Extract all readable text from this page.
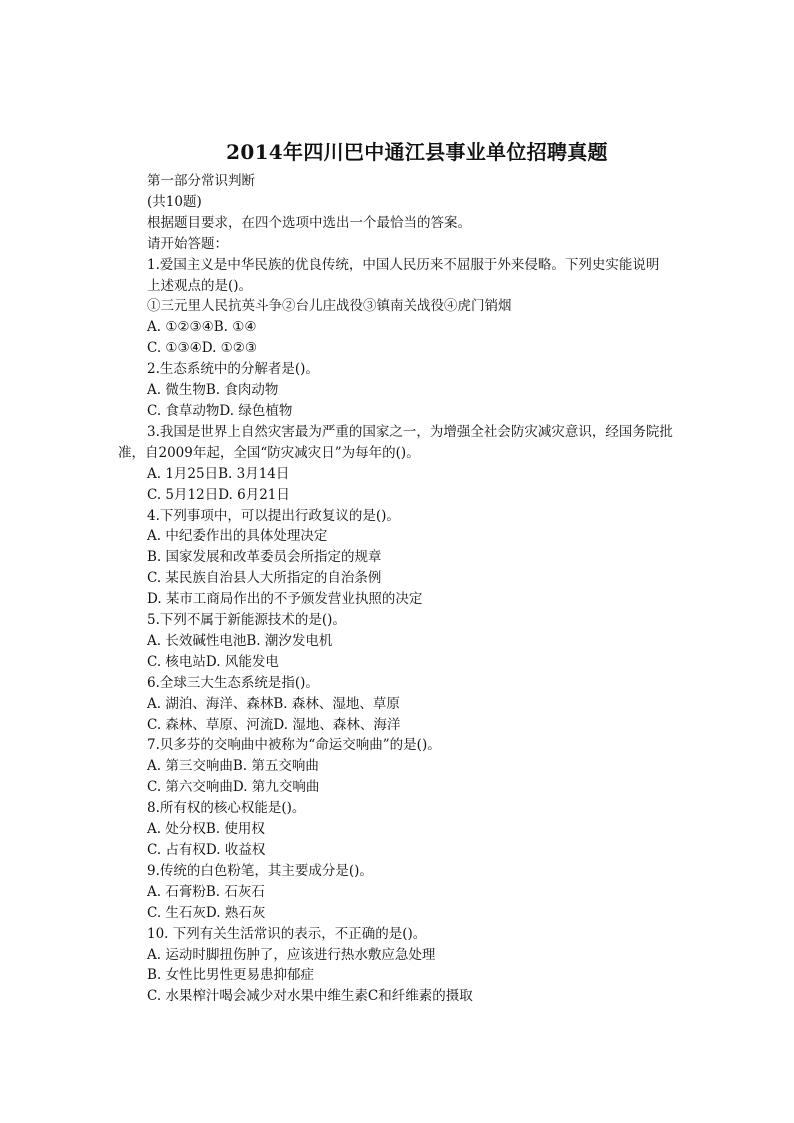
2014年四川巴中通江县事业单位招聘真题

第一部分常识判断

(共10题)

根据题目要求，在四个选项中选出一个最恰当的答案。

请开始答题：

1.爱国主义是中华民族的优良传统，中国人民历来不屈服于外来侵略。下列史实能说明

上述观点的是()。

①三元里人民抗英斗争②台儿庄战役③镇南关战役④虎门销烟

A. ①②③④B. ①④

C. ①③④D. ①②③

2.生态系统中的分解者是()。

A. 微生物B. 食肉动物

C. 食草动物D. 绿色植物

3.我国是世界上自然灾害最为严重的国家之一，为增强全社会防灾减灾意识，经国务院批准，自2009年起，全国“防灾减灾日”为每年的()。

A. 1月25日B. 3月14日

C. 5月12日D. 6月21日

4.下列事项中，可以提出行政复议的是()。

A. 中纪委作出的具体处理决定

B. 国家发展和改革委员会所指定的规章

C. 某民族自治县人大所指定的自治条例

D. 某市工商局作出的不予颁发营业执照的决定

5.下列不属于新能源技术的是()。

A. 长效碱性电池B. 潮汐发电机

C. 核电站D. 风能发电

6.全球三大生态系统是指()。

A. 湖泊、海洋、森林B. 森林、湿地、草原

C. 森林、草原、河流D. 湿地、森林、海洋

7.贝多芬的交响曲中被称为“命运交响曲”的是()。

A. 第三交响曲B. 第五交响曲

C. 第六交响曲D. 第九交响曲

8.所有权的核心权能是()。

A. 处分权B. 使用权

C. 占有权D. 收益权

9.传统的白色粉笔，其主要成分是()。

A. 石膏粉B. 石灰石

C. 生石灰D. 熟石灰

10. 下列有关生活常识的表示，不正确的是()。

A. 运动时脚扭伤肿了，应该进行热水敷应急处理

B. 女性比男性更易患抑郁症

C. 水果榨汁喝会减少对水果中维生素C和纤维素的摄取
